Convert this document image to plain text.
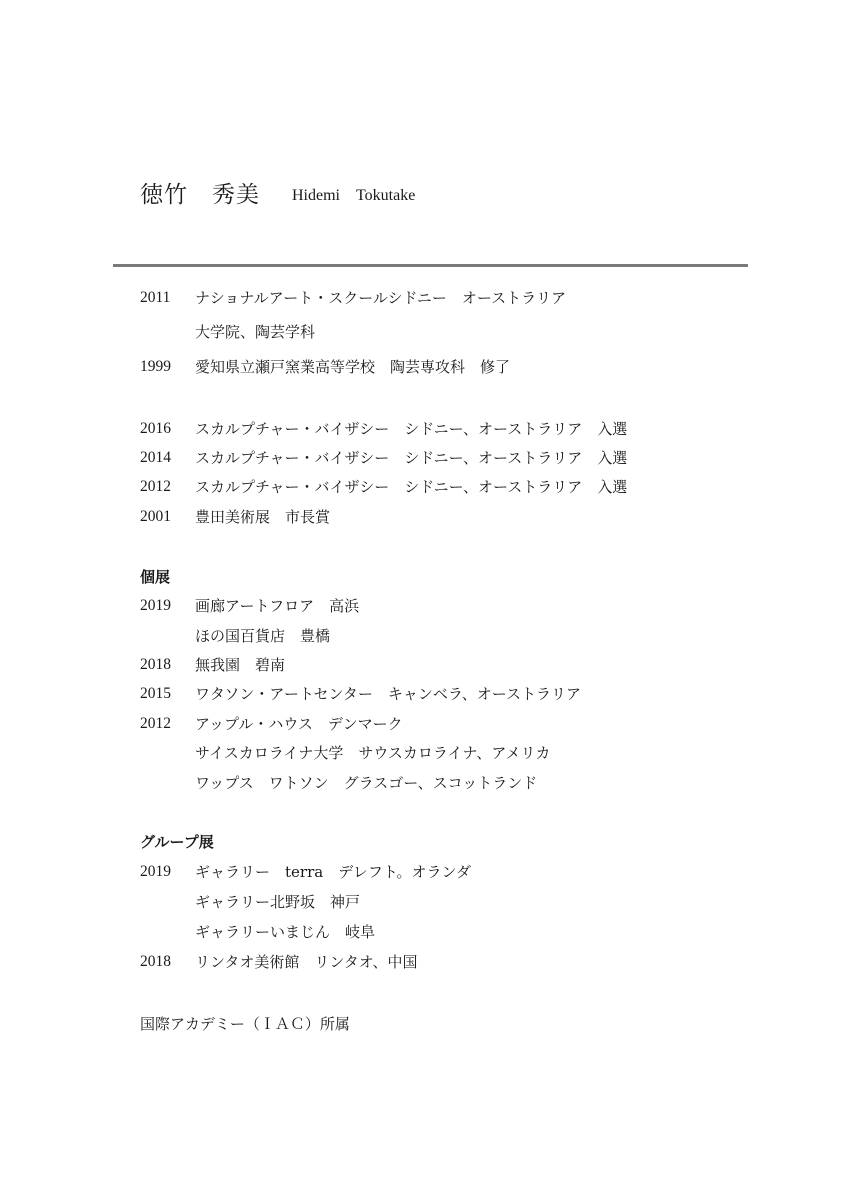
徳竹　秀美 Hidemi　Tokutake
2011	ナショナルアート・スクールシドニー　オーストラリア
大学院、陶芸学科
1999	愛知県立瀬戸窯業高等学校　陶芸専攻科　修了
2016	スカルプチャー・バイザシー　シドニー、オーストラリア　入選
2014	スカルプチャー・バイザシー　シドニー、オーストラリア　入選
2012	スカルプチャー・バイザシー　シドニー、オーストラリア　入選
2001	豊田美術展　市長賞
個展
2019	画廊アートフロア　高浜
ほの国百貨店　豊橋
2018	無我園　碧南
2015	ワタソン・アートセンター　キャンベラ、オーストラリア
2012	アップル・ハウス　デンマーク
サイスカロライナ大学　サウスカロライナ、アメリカ
ワップス　ワトソン　グラスゴー、スコットランド
グループ展
2019	ギャラリー　terra　デレフト。オランダ
ギャラリー北野坂　神戸
ギャラリーいまじん　岐阜
2018	リンタオ美術館　リンタオ、中国
国際アカデミー（ＩＡＣ）所属
